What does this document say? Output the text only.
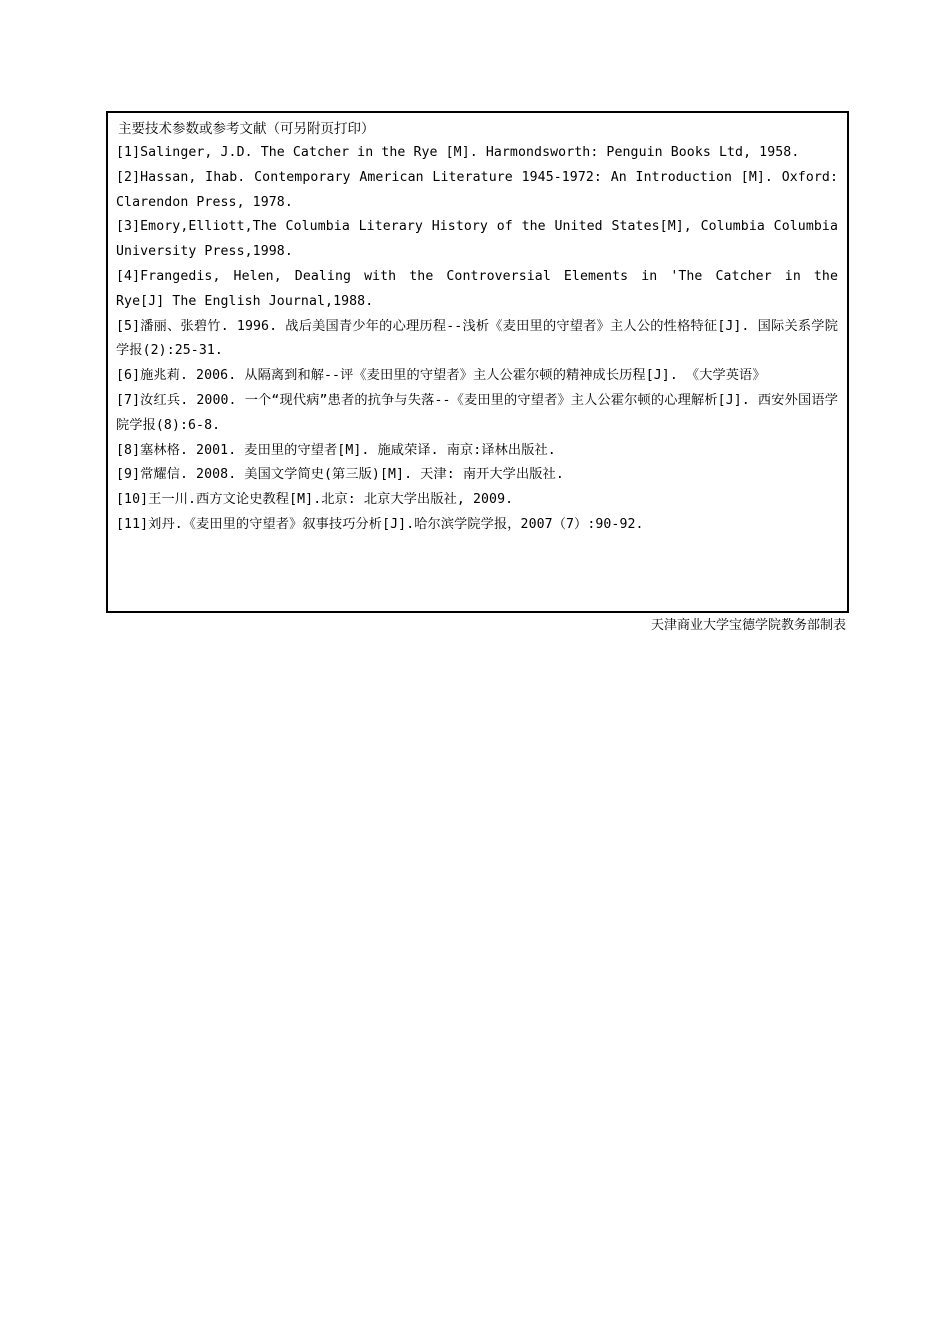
主要技术参数或参考文献（可另附页打印）
[1]Salinger, J.D. The Catcher in the Rye [M]. Harmondsworth: Penguin Books Ltd, 1958.
[2]Hassan, Ihab. Contemporary American Literature 1945-1972: An Introduction [M]. Oxford: Clarendon Press, 1978.
[3]Emory,Elliott,The Columbia Literary History of the United States[M], Columbia Columbia University Press,1998.
[4]Frangedis, Helen, Dealing with the Controversial Elements in 'The Catcher in the Rye[J] The English Journal,1988.
[5]潘丽、张碧竹. 1996. 战后美国青少年的心理历程--浅析《麦田里的守望者》主人公的性格特征[J]. 国际关系学院学报(2):25-31.
[6]施兆莉. 2006. 从隔离到和解--评《麦田里的守望者》主人公霍尔顿的精神成长历程[J]. 《大学英语》
[7]汝红兵. 2000. 一个“现代病”患者的抗争与失落--《麦田里的守望者》主人公霍尔顿的心理解析[J]. 西安外国语学院学报(8):6-8.
[8]塞林格. 2001. 麦田里的守望者[M]. 施咸荣译. 南京:译林出版社.
[9]常耀信. 2008. 美国文学简史(第三版)[M]. 天津: 南开大学出版社.
[10]王一川.西方文论史教程[M].北京: 北京大学出版社, 2009.
[11]刘丹.《麦田里的守望者》叙事技巧分析[J].哈尔滨学院学报，2007（7）:90-92.
天津商业大学宝德学院教务部制表
